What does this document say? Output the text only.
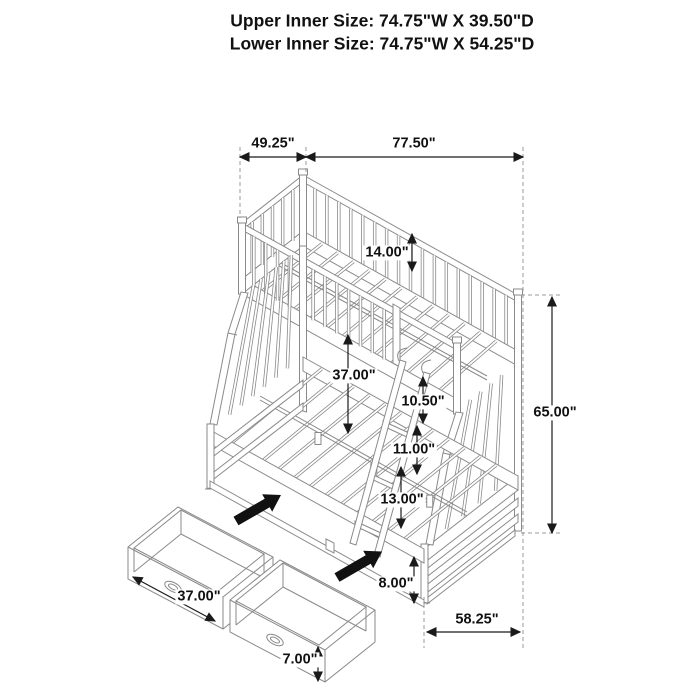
Upper Inner Size: 74.75"W X 39.50"D
Lower Inner Size: 74.75"W X 54.25"D
49.25"	77.50"
14.00"
37.00"
10.50"
11.00"
13.00"
8.00"
65.00"
58.25"
37.00"
7.00"
